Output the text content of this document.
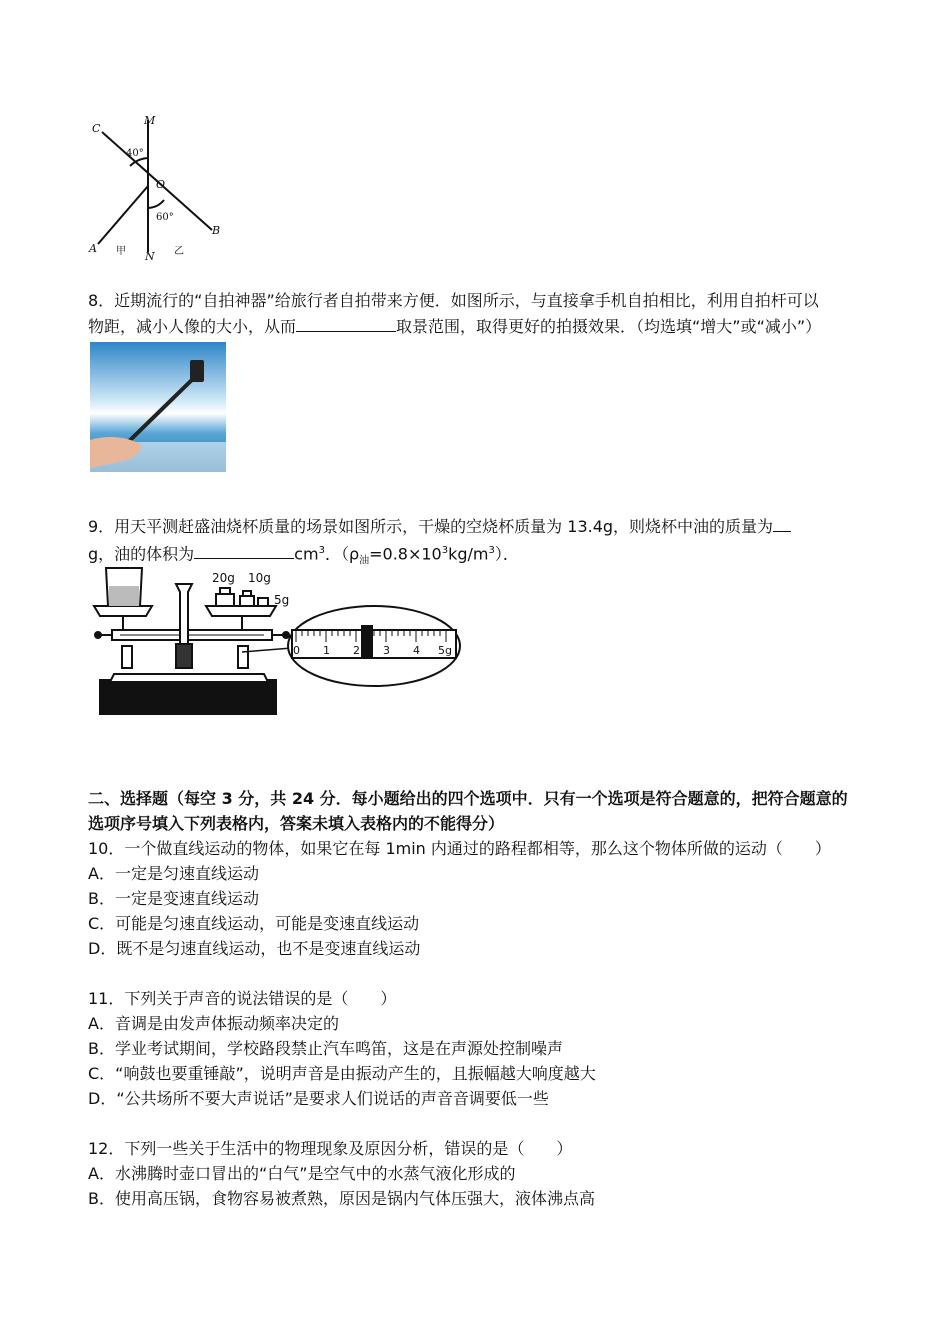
C
M
O
B
A
N
40°
60°
甲	乙
8．近期流行的“自拍神器”给旅行者自拍带来方便．如图所示，与直接拿手机自拍相比，利用自拍杆可以
物距，减小人像的大小，从而	取景范围，取得更好的拍摄效果．（均选填“增大”或“减小”）
9．用天平测赶盛油烧杯质量的场景如图所示，干燥的空烧杯质量为 13.4g，则烧杯中油的质量为
g，油的体积为	$cm^3$．$(\rho_油=0.8\times 10^3kg/m^3)$．
20g 10g
5g
0 1 2 3 4 5g
二、选择题（每空 3 分，共 24 分．每小题给出的四个选项中．只有一个选项是符合题意的，把符合题意的
选项序号填入下列表格内，答案未填入表格内的不能得分）
10．一个做直线运动的物体，如果它在每 1min 内通过的路程都相等，那么这个物体所做的运动（　　）
A．一定是匀速直线运动
B．一定是变速直线运动
C．可能是匀速直线运动，可能是变速直线运动
D．既不是匀速直线运动，也不是变速直线运动
11．下列关于声音的说法错误的是（　　）
A．音调是由发声体振动频率决定的
B．学业考试期间，学校路段禁止汽车鸣笛，这是在声源处控制噪声
C．“响鼓也要重锤敲”，说明声音是由振动产生的，且振幅越大响度越大
D．“公共场所不要大声说话”是要求人们说话的声音音调要低一些
12．下列一些关于生活中的物理现象及原因分析，错误的是（　　）
A．水沸腾时壶口冒出的“白气”是空气中的水蒸气液化形成的
B．使用高压锅，食物容易被煮熟，原因是锅内气体压强大，液体沸点高
